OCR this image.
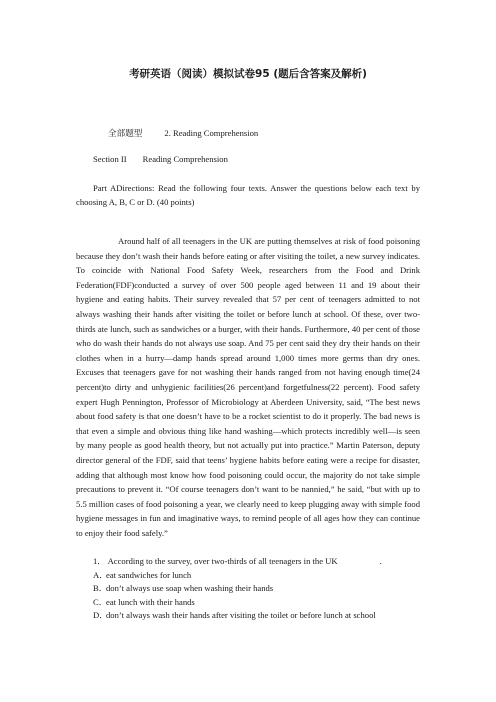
考研英语（阅读）模拟试卷95 (题后含答案及解析)
全部题型	2. Reading Comprehension
Section II Reading Comprehension
Part ADirections: Read the following four texts. Answer the questions below each text by choosing A, B, C or D. (40 points)

Around half of all teenagers in the UK are putting themselves at risk of food poisoning because they don’t wash their hands before eating or after visiting the toilet, a new survey indicates. To coincide with National Food Safety Week, researchers from the Food and Drink Federation(FDF)conducted a survey of over 500 people aged between 11 and 19 about their hygiene and eating habits. Their survey revealed that 57 per cent of teenagers admitted to not always washing their hands after visiting the toilet or before lunch at school. Of these, over two-thirds ate lunch, such as sandwiches or a burger, with their hands. Furthermore, 40 per cent of those who do wash their hands do not always use soap. And 75 per cent said they dry their hands on their clothes when in a hurry—damp hands spread around 1,000 times more germs than dry ones. Excuses that teenagers gave for not washing their hands ranged from not having enough time(24 percent)to dirty and unhygienic facilities(26 percent)and forgetfulness(22 percent). Food safety expert Hugh Pennington, Professor of Microbiology at Aberdeen University, said, “The best news about food safety is that one doesn’t have to be a rocket scientist to do it properly. The bad news is that even a simple and obvious thing like hand washing—which protects incredibly well—is seen by many people as good health theory, but not actually put into practice.” Martin Paterson, deputy director general of the FDF, said that teens’ hygiene habits before eating were a recipe for disaster, adding that although most know how food poisoning could occur, the majority do not take simple precautions to prevent it. “Of course teenagers don’t want to be nannied,” he said, “but with up to 5.5 million cases of food poisoning a year, we clearly need to keep plugging away with simple food hygiene messages in fun and imaginative ways, to remind people of all ages how they can continue to enjoy their food safely.”

1． According to the survey, over two-thirds of all teenagers in the UK	.
A．eat sandwiches for lunch
B．don’t always use soap when washing their hands
C．eat lunch with their hands
D．don’t always wash their hands after visiting the toilet or before lunch at school
